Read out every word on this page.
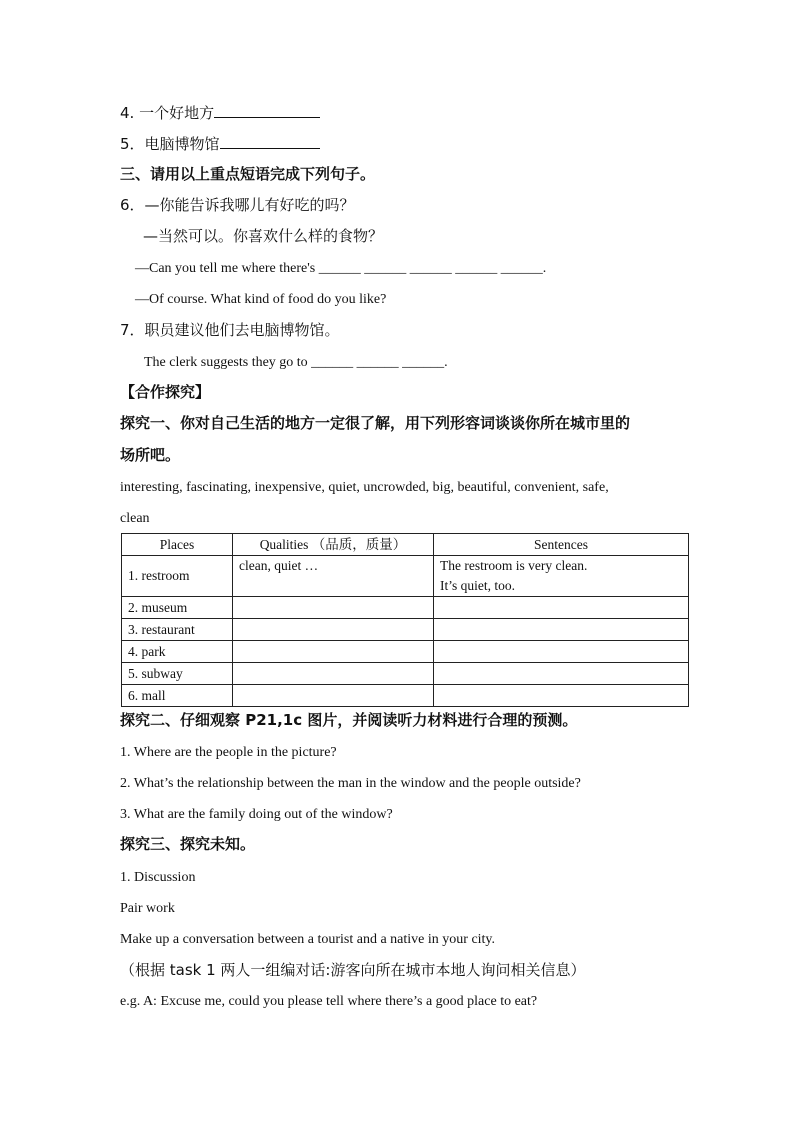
4. 一个好地方
5．电脑博物馆
三、请用以上重点短语完成下列句子。
6．—你能告诉我哪儿有好吃的吗？
—当然可以。你喜欢什么样的食物？
—Can you tell me where there's ______ ______ ______ ______ ______.
—Of course. What kind of food do you like?
7．职员建议他们去电脑博物馆。
The clerk suggests they go to ______ ______ ______.
【合作探究】
探究一、你对自己生活的地方一定很了解，用下列形容词谈谈你所在城市里的
场所吧。
interesting, fascinating, inexpensive, quiet, uncrowded, big, beautiful, convenient, safe,
clean
Places	Qualities （品质，质量）	Sentences
1. restroom	clean, quiet …	The restroom is very clean.
It’s quiet, too.

2. museum		
3. restaurant		
4. park		
5. subway		
6. mall		
探究二、仔细观察 P21,1c 图片，并阅读听力材料进行合理的预测。
1. Where are the people in the picture?
2. What’s the relationship between the man in the window and the people outside?
3. What are the family doing out of the window?
探究三、探究未知。
1. Discussion
Pair work
Make up a conversation between a tourist and a native in your city.
（根据 task 1 两人一组编对话:游客向所在城市本地人询问相关信息）
e.g. A: Excuse me, could you please tell where there’s a good place to eat?
